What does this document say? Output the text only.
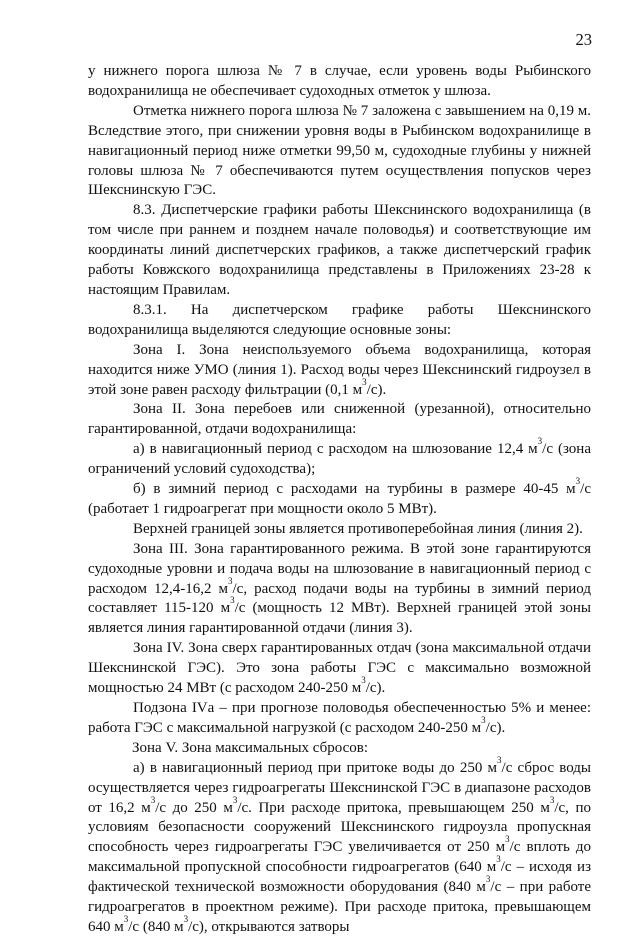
23

у нижнего порога шлюза № 7 в случае, если уровень воды Рыбинского водохранилища не обеспечивает судоходных отметок у шлюза.

Отметка нижнего порога шлюза № 7 заложена с завышением на 0,19 м. Вследствие этого, при снижении уровня воды в Рыбинском водохранилище в навигационный период ниже отметки 99,50 м, судоходные глубины у нижней головы шлюза № 7 обеспечиваются путем осуществления попусков через Шекснинскую ГЭС.

8.3. Диспетчерские графики работы Шекснинского водохранилища (в том числе при раннем и позднем начале половодья) и соответствующие им координаты линий диспетчерских графиков, а также диспетчерский график работы Ковжского водохранилища представлены в Приложениях 23-28 к настоящим Правилам.

8.3.1. На диспетчерском графике работы Шекснинского водохранилища выделяются следующие основные зоны:

Зона I. Зона неиспользуемого объема водохранилища, которая находится ниже УМО (линия 1). Расход воды через Шекснинский гидроузел в этой зоне равен расходу фильтрации (0,1 $м^3/с$).

Зона II. Зона перебоев или сниженной (урезанной), относительно гарантированной, отдачи водохранилища:

а) в навигационный период с расходом на шлюзование 12,4 $м^3/с$ (зона ограничений условий судоходства);

б) в зимний период с расходами на турбины в размере 40-45 $м^3/с$ (работает 1 гидроагрегат при мощности около 5 МВт).

Верхней границей зоны является противоперебойная линия (линия 2).

Зона III. Зона гарантированного режима. В этой зоне гарантируются судоходные уровни и подача воды на шлюзование в навигационный период с расходом 12,4-16,2 $м^3/с$, расход подачи воды на турбины в зимний период составляет 115-120 $м^3/с$ (мощность 12 МВт). Верхней границей этой зоны является линия гарантированной отдачи (линия 3).

Зона IV. Зона сверх гарантированных отдач (зона максимальной отдачи Шекснинской ГЭС). Это зона работы ГЭС с максимально возможной мощностью 24 МВт (с расходом 240-250 $м^3/с$).

Подзона IVа – при прогнозе половодья обеспеченностью 5% и менее: работа ГЭС с максимальной нагрузкой (с расходом 240-250 $м^3/с$).

Зона V. Зона максимальных сбросов:

а) в навигационный период при притоке воды до 250 $м^3/с$ сброс воды осуществляется через гидроагрегаты Шекснинской ГЭС в диапазоне расходов от 16,2 $м^3/с$ до 250 $м^3/с$. При расходе притока, превышающем 250 $м^3/с$, по условиям безопасности сооружений Шекснинского гидроузла пропускная способность через гидроагрегаты ГЭС увеличивается от 250 $м^3/с$ вплоть до максимальной пропускной способности гидроагрегатов (640 $м^3/с$ – исходя из фактической технической возможности оборудования (840 $м^3/с$ – при работе гидроагрегатов в проектном режиме). При расходе притока, превышающем 640 $м^3/с$ (840 $м^3/с$), открываются затворы
